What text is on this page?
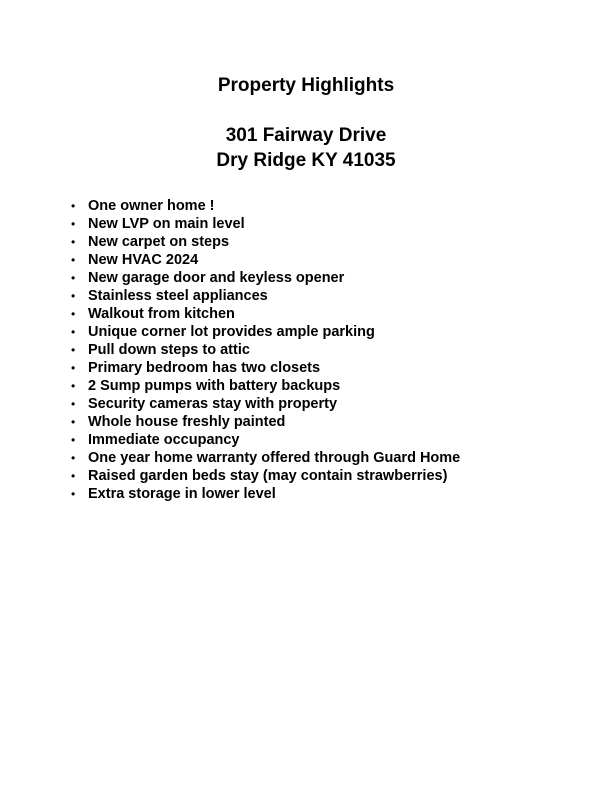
Property Highlights
301 Fairway Drive
Dry Ridge KY 41035
• One owner home !
• New LVP on main level
• New carpet on steps
• New HVAC 2024
• New garage door and keyless opener
• Stainless steel appliances
• Walkout from kitchen
• Unique corner lot provides ample parking
• Pull down steps to attic
• Primary bedroom has two closets
• 2 Sump pumps with battery backups
• Security cameras stay with property
• Whole house freshly painted
• Immediate occupancy
• One year home warranty offered through Guard Home
• Raised garden beds stay (may contain strawberries)
• Extra storage in lower level
